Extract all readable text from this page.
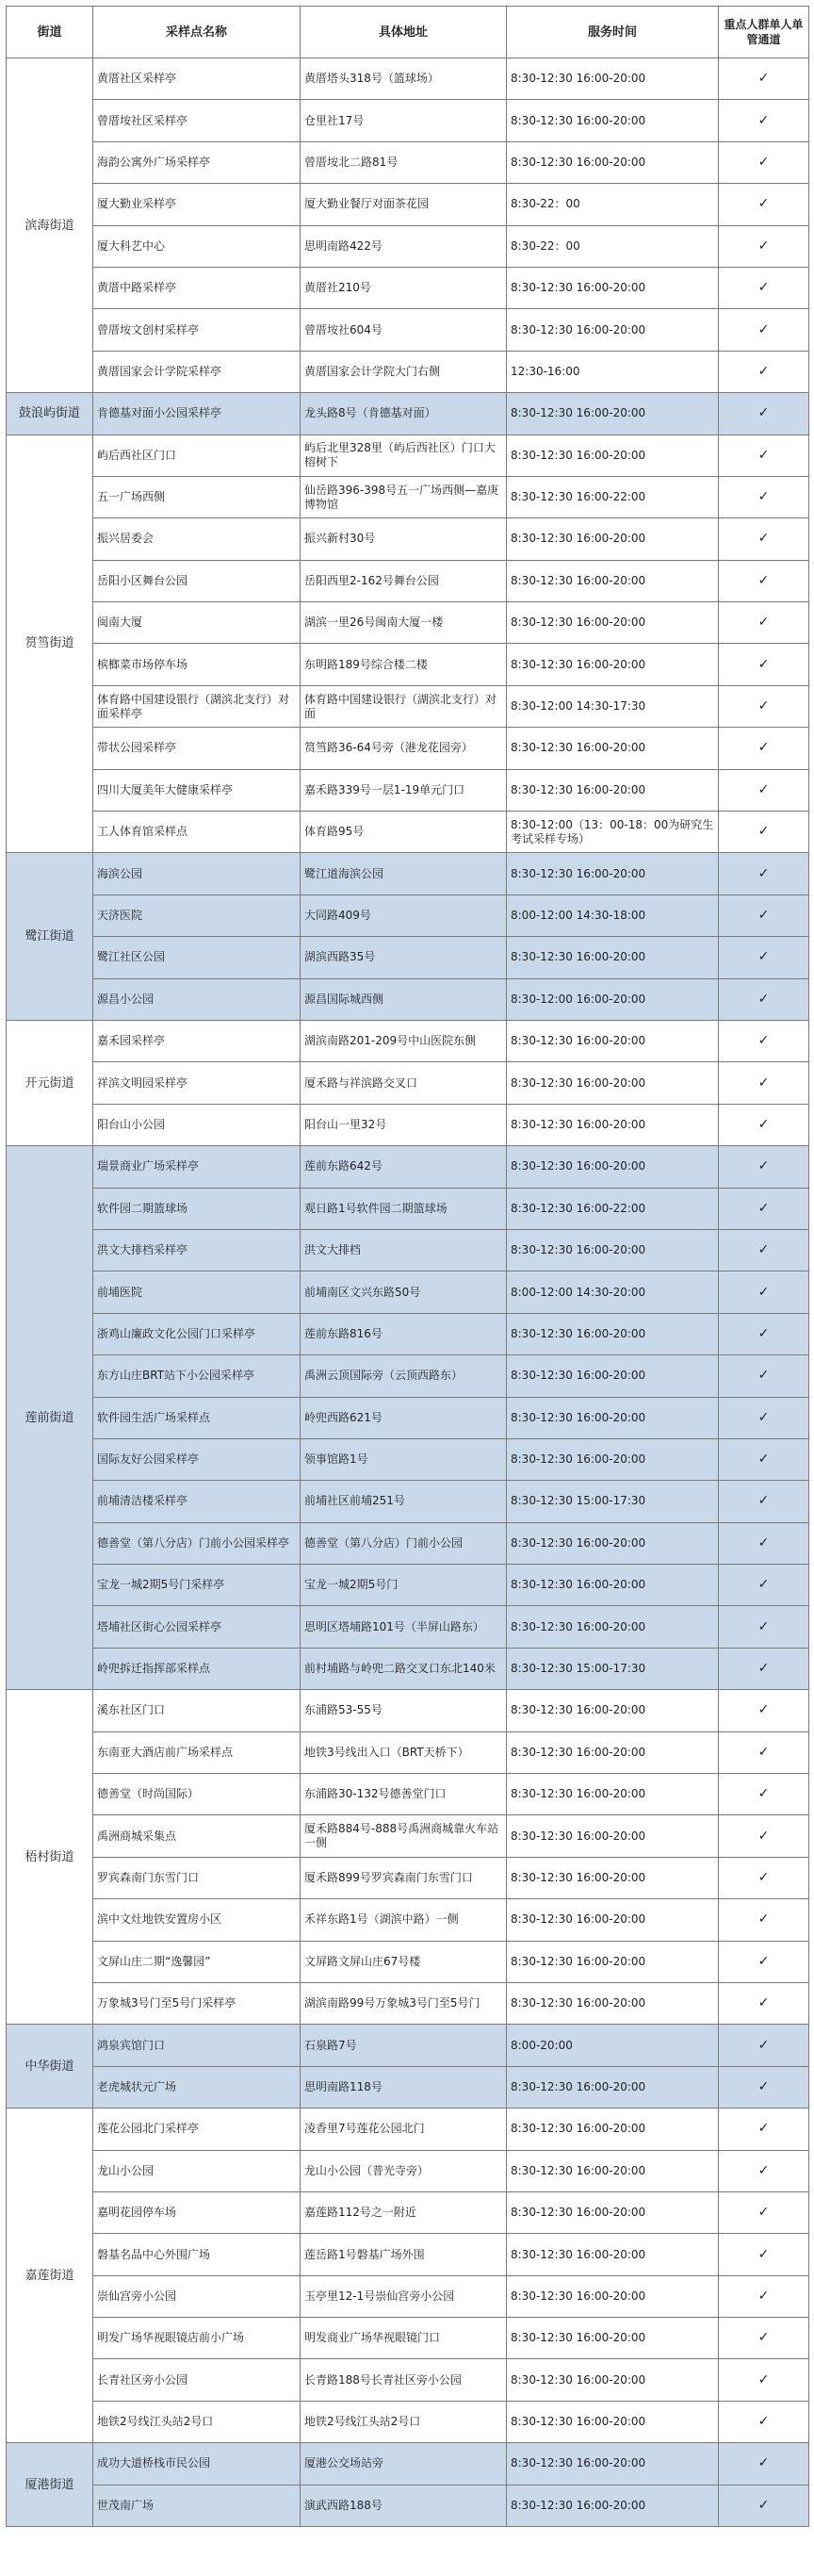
街道	采样点名称	具体地址	服务时间	重点人群单人单管通道
滨海街道	黄厝社区采样亭	黄厝塔头318号（篮球场）	8:30-12:30 16:00-20:00	✓
	曾厝垵社区采样亭	仓里社17号	8:30-12:30 16:00-20:00	✓
	海韵公寓外广场采样亭	曾厝垵北二路81号	8:30-12:30 16:00-20:00	✓
	厦大勤业采样亭	厦大勤业餐厅对面茶花园	8:30-22：00	✓
	厦大科艺中心	思明南路422号	8:30-22：00	✓
	黄厝中路采样亭	黄厝社210号	8:30-12:30 16:00-20:00	✓
	曾厝垵文创村采样亭	曾厝垵社604号	8:30-12:30 16:00-20:00	✓
	黄厝国家会计学院采样亭	黄厝国家会计学院大门右侧	12:30-16:00	✓
鼓浪屿街道	肯德基对面小公园采样亭	龙头路8号（肯德基对面）	8:30-12:30 16:00-20:00	✓
筼筜街道	屿后西社区门口	屿后北里328里（屿后西社区）门口大榕树下	8:30-12:30 16:00-20:00	✓
	五一广场西侧	仙岳路396-398号五一广场西侧—嘉庚博物馆	8:30-12:30 16:00-22:00	✓
	振兴居委会	振兴新村30号	8:30-12:30 16:00-20:00	✓
	岳阳小区舞台公园	岳阳西里2-162号舞台公园	8:30-12:30 16:00-20:00	✓
	闽南大厦	湖滨一里26号闽南大厦一楼	8:30-12:30 16:00-20:00	✓
	槟榔菜市场停车场	东明路189号综合楼二楼	8:30-12:30 16:00-20:00	✓
	体育路中国建设银行（湖滨北支行）对面采样亭	体育路中国建设银行（湖滨北支行）对面	8:30-12:00 14:30-17:30	✓
	带状公园采样亭	筼筜路36-64号旁（港龙花园旁）	8:30-12:30 16:00-20:00	✓
	四川大厦美年大健康采样亭	嘉禾路339号一层1-19单元门口	8:30-12:30 16:00-20:00	✓
	工人体育馆采样点	体育路95号	8:30-12:00（13：00-18：00为研究生考试采样专场）	✓
鹭江街道	海滨公园	鹭江道海滨公园	8:30-12:30 16:00-20:00	✓
	天济医院	大同路409号	8:00-12:00 14:30-18:00	✓
	鹭江社区公园	湖滨西路35号	8:30-12:30 16:00-20:00	✓
	源昌小公园	源昌国际城西侧	8:30-12:00 16:00-20:00	✓
开元街道	嘉禾园采样亭	湖滨南路201-209号中山医院东侧	8:30-12:30 16:00-20:00	✓
	祥滨文明园采样亭	厦禾路与祥滨路交叉口	8:30-12:30 16:00-20:00	✓
	阳台山小公园	阳台山一里32号	8:30-12:30 16:00-20:00	✓
莲前街道	瑞景商业广场采样亭	莲前东路642号	8:30-12:30 16:00-20:00	✓
	软件园二期篮球场	观日路1号软件园二期篮球场	8:30-12:30 16:00-22:00	✓
	洪文大排档采样亭	洪文大排档	8:30-12:30 16:00-20:00	✓
	前埔医院	前埔南区文兴东路50号	8:00-12:00 14:30-20:00	✓
	浙鸡山廉政文化公园门口采样亭	莲前东路816号	8:30-12:30 16:00-20:00	✓
	东方山庄BRT站下小公园采样亭	禹洲云顶国际旁（云顶西路东）	8:30-12:30 16:00-20:00	✓
	软件园生活广场采样点	岭兜西路621号	8:30-12:30 16:00-20:00	✓
	国际友好公园采样亭	领事馆路1号	8:30-12:30 16:00-20:00	✓
	前埔清洁楼采样亭	前埔社区前埔251号	8:30-12:30 15:00-17:30	✓
	德善堂（第八分店）门前小公园采样亭	德善堂（第八分店）门前小公园	8:30-12:30 16:00-20:00	✓
	宝龙一城2期5号门采样亭	宝龙一城2期5号门	8:30-12:30 16:00-20:00	✓
	塔埔社区街心公园采样亭	思明区塔埔路101号（半屏山路东）	8:30-12:30 16:00-20:00	✓
	岭兜拆迁指挥部采样点	前村埔路与岭兜二路交叉口东北140米	8:30-12:30 15:00-17:30	✓
梧村街道	溪东社区门口	东浦路53-55号	8:30-12:30 16:00-20:00	✓
	东南亚大酒店前广场采样点	地铁3号线出入口（BRT天桥下）	8:30-12:30 16:00-20:00	✓
	德善堂（时尚国际）	东浦路30-132号德善堂门口	8:30-12:30 16:00-20:00	✓
	禹洲商城采集点	厦禾路884号-888号禹洲商城靠火车站一侧	8:30-12:30 16:00-20:00	✓
	罗宾森南门东雪门口	厦禾路899号罗宾森南门东雪门口	8:30-12:30 16:00-20:00	✓
	滨中文灶地铁安置房小区	禾祥东路1号（湖滨中路）一侧	8:30-12:30 16:00-20:00	✓
	文屏山庄二期“逸馨园”	文屏路文屏山庄67号楼	8:30-12:30 16:00-20:00	✓
	万象城3号门至5号门采样亭	湖滨南路99号万象城3号门至5号门	8:30-12:30 16:00-20:00	✓
中华街道	鸿泉宾馆门口	石泉路7号	8:00-20:00	✓
	老虎城状元广场	思明南路118号	8:30-12:30 16:00-20:00	✓
嘉莲街道	莲花公园北门采样亭	凌香里7号莲花公园北门	8:30-12:30 16:00-20:00	✓
	龙山小公园	龙山小公园（普光寺旁）	8:30-12:30 16:00-20:00	✓
	嘉明花园停车场	嘉莲路112号之一附近	8:30-12:30 16:00-20:00	✓
	磐基名品中心外围广场	莲岳路1号磐基广场外围	8:30-12:30 16:00-20:00	✓
	崇仙宫旁小公园	玉亭里12-1号崇仙宫旁小公园	8:30-12:30 16:00-20:00	✓
	明发广场华视眼镜店前小广场	明发商业广场华视眼镜门口	8:30-12:30 16:00-20:00	✓
	长青社区旁小公园	长青路188号长青社区旁小公园	8:30-12:30 16:00-20:00	✓
	地铁2号线江头站2号口	地铁2号线江头站2号口	8:30-12:30 16:00-20:00	✓
厦港街道	成功大道桥栈市民公园	厦港公交场站旁	8:30-12:30 16:00-20:00	✓
	世茂南广场	演武西路188号	8:30-12:30 16:00-20:00	✓
